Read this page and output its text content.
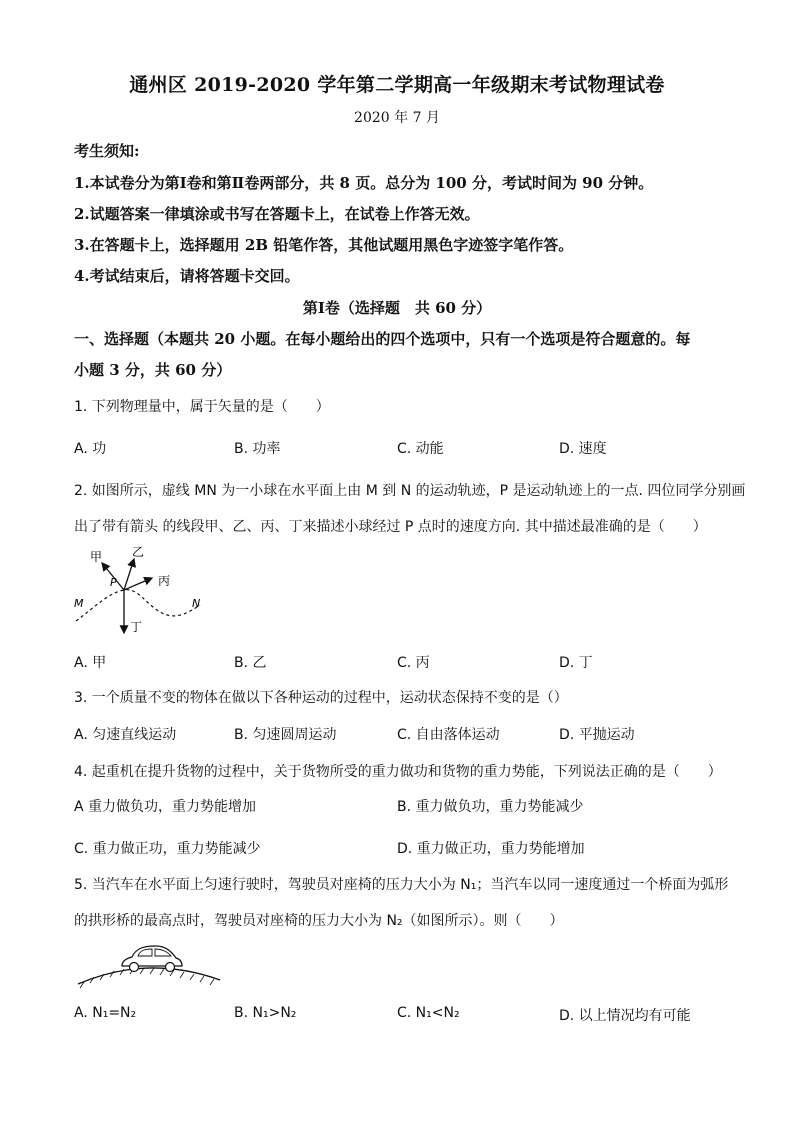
通州区 2019-2020 学年第二学期高一年级期末考试物理试卷
2020 年 7 月
考生须知:
1.本试卷分为第Ⅰ卷和第Ⅱ卷两部分，共 8 页。总分为 100 分，考试时间为 90 分钟。
2.试题答案一律填涂或书写在答题卡上，在试卷上作答无效。
3.在答题卡上，选择题用 2B 铅笔作答，其他试题用黑色字迹签字笔作答。
4.考试结束后，请将答题卡交回。
第Ⅰ卷（选择题　共 60 分）
一、选择题（本题共 20 小题。在每小题给出的四个选项中，只有一个选项是符合题意的。每
小题 3 分，共 60 分）
1. 下列物理量中，属于矢量的是（　　）
A. 功	B. 功率	C. 动能	D. 速度
2. 如图所示，虚线 MN 为一小球在水平面上由 M 到 N 的运动轨迹，P 是运动轨迹上的一点. 四位同学分别画
出了带有箭头 的线段甲、乙、丙、丁来描述小球经过 P 点时的速度方向. 其中描述最准确的是（　　）
甲 乙
丙
丁
P
M	N
A. 甲	B. 乙	C. 丙	D. 丁
3. 一个质量不变的物体在做以下各种运动的过程中，运动状态保持不变的是（）
A. 匀速直线运动	B. 匀速圆周运动	C. 自由落体运动	D. 平抛运动
4. 起重机在提升货物的过程中，关于货物所受的重力做功和货物的重力势能，下列说法正确的是（　　）
A 重力做负功，重力势能增加	B. 重力做负功，重力势能减少
C. 重力做正功，重力势能减少	D. 重力做正功，重力势能增加
5. 当汽车在水平面上匀速行驶时，驾驶员对座椅的压力大小为 N₁；当汽车以同一速度通过一个桥面为弧形
的拱形桥的最高点时，驾驶员对座椅的压力大小为 N₂（如图所示）。则（　　）
A. N₁=N₂	B. N₁>N₂	C. N₁<N₂	D. 以上情况均有可能
